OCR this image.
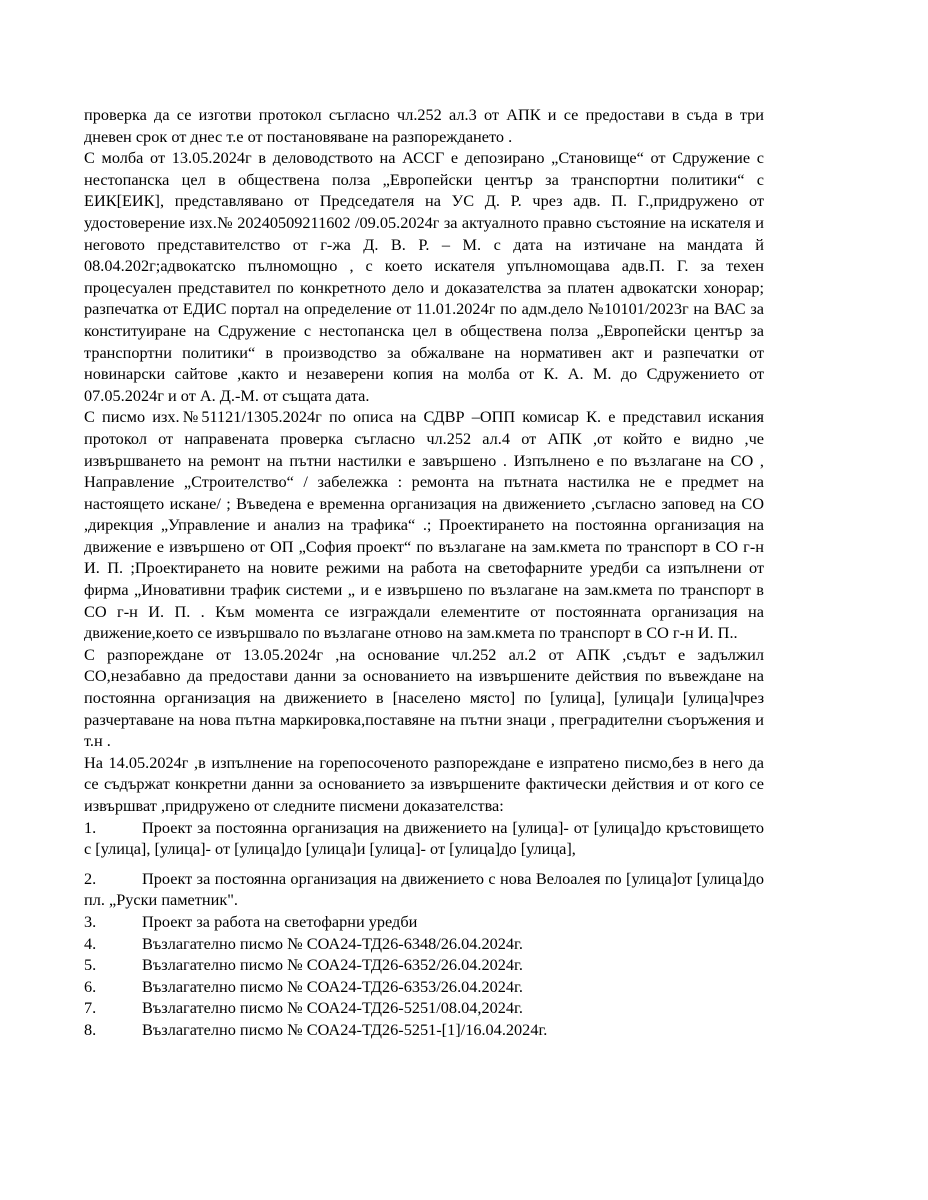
проверка да се изготви протокол съгласно чл.252 ал.3 от АПК и се предостави в съда в три дневен срок от днес т.е от постановяване на разпореждането .

С молба от 13.05.2024г в деловодството на АССГ е депозирано „Становище“ от Сдружение с нестопанска цел в обществена полза „Европейски център за транспортни политики“ с ЕИК[ЕИК], представлявано от Председателя на УС Д. Р. чрез адв. П. Г.,придружено от удостоверение изх.№ 20240509211602 /09.05.2024г за актуалното правно състояние на искателя и неговото представителство от г-жа Д. В. Р. – М. с дата на изтичане на мандата й 08.04.202г;адвокатско пълномощно , с което искателя упълномощава адв.П. Г. за техен процесуален представител по конкретното дело и доказателства за платен адвокатски хонорар; разпечатка от ЕДИС портал на определение от 11.01.2024г по адм.дело №10101/2023г на ВАС за конституиране на Сдружение с нестопанска цел в обществена полза „Европейски център за транспортни политики“ в производство за обжалване на нормативен акт и разпечатки от новинарски сайтове ,както и незаверени копия на молба от К. А. М. до Сдружението от 07.05.2024г и от А. Д.-М. от същата дата.

С писмо изх.№51121/1305.2024г по описа на СДВР –ОПП комисар К. е представил искания протокол от направената проверка съгласно чл.252 ал.4 от АПК ,от който е видно ,че извършването на ремонт на пътни настилки е завършено . Изпълнено е по възлагане на СО , Направление „Строителство“ / забележка : ремонта на пътната настилка не е предмет на настоящето искане/ ; Въведена е временна организация на движението ,съгласно заповед на СО ,дирекция „Управление и анализ на трафика“ .; Проектирането на постоянна организация на движение е извършено от ОП „София проект“ по възлагане на зам.кмета по транспорт в СО г-н И. П. ;Проектирането на новите режими на работа на светофарните уредби са изпълнени от фирма „Иновативни трафик системи „ и е извършено по възлагане на зам.кмета по транспорт в СО г-н И. П. . Към момента се изграждали елементите от постоянната организация на движение,което се извършвало по възлагане отново на зам.кмета по транспорт в СО г-н И. П..

С разпореждане от 13.05.2024г ,на основание чл.252 ал.2 от АПК ,съдът е задължил СО,незабавно да предостави данни за основанието на извършените действия по въвеждане на постоянна организация на движението в [населено място] по [улица], [улица]и [улица]чрез разчертаване на нова пътна маркировка,поставяне на пътни знаци , преградителни съоръжения и т.н .

На 14.05.2024г ,в изпълнение на горепосоченото разпореждане е изпратено писмо,без в него да се съдържат конкретни данни за основанието за извършените фактически действия и от кого се извършват ,придружено от следните писмени доказателства:

1.	Проект за постоянна организация на движението на [улица]- от [улица]до кръстовището с [улица], [улица]- от [улица]до [улица]и [улица]- от [улица]до [улица],
2.	Проект за постоянна организация на движението с нова Велоалея по [улица]от [улица]до пл. „Руски паметник".
3.	Проект за работа на светофарни уредби
4.	Възлагателно писмо № СОА24-ТД26-6348/26.04.2024г.
5.	Възлагателно писмо № СОА24-ТД26-6352/26.04.2024г.
6.	Възлагателно писмо № СОА24-ТД26-6353/26.04.2024г.
7.	Възлагателно писмо № СОА24-ТД26-5251/08.04,2024г.
8.	Възлагателно писмо № СОА24-ТД26-5251-[1]/16.04.2024г.
